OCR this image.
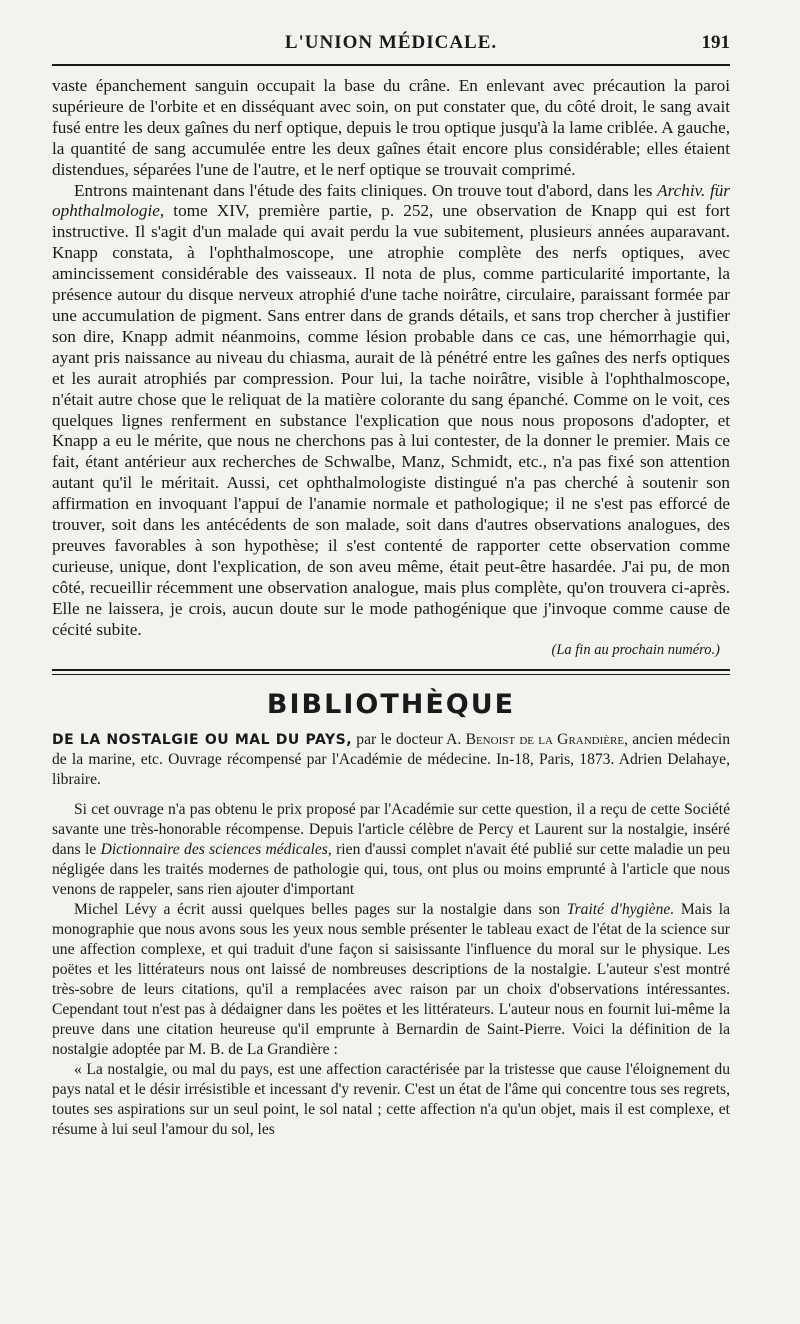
L'UNION MÉDICALE.	191

vaste épanchement sanguin occupait la base du crâne. En enlevant avec précaution la paroi supérieure de l'orbite et en disséquant avec soin, on put constater que, du côté droit, le sang avait fusé entre les deux gaînes du nerf optique, depuis le trou optique jusqu'à la lame criblée. A gauche, la quantité de sang accumulée entre les deux gaînes était encore plus considérable; elles étaient distendues, séparées l'une de l'autre, et le nerf optique se trouvait comprimé.

Entrons maintenant dans l'étude des faits cliniques. On trouve tout d'abord, dans les Archiv. für ophthalmologie, tome XIV, première partie, p. 252, une observation de Knapp qui est fort instructive. Il s'agit d'un malade qui avait perdu la vue subitement, plusieurs années auparavant. Knapp constata, à l'ophthalmoscope, une atrophie complète des nerfs optiques, avec amincissement considérable des vaisseaux. Il nota de plus, comme particularité importante, la présence autour du disque nerveux atrophié d'une tache noirâtre, circulaire, paraissant formée par une accumulation de pigment. Sans entrer dans de grands détails, et sans trop chercher à justifier son dire, Knapp admit néanmoins, comme lésion probable dans ce cas, une hémorrhagie qui, ayant pris naissance au niveau du chiasma, aurait de là pénétré entre les gaînes des nerfs optiques et les aurait atrophiés par compression. Pour lui, la tache noirâtre, visible à l'ophthalmoscope, n'était autre chose que le reliquat de la matière colorante du sang épanché. Comme on le voit, ces quelques lignes renferment en substance l'explication que nous nous proposons d'adopter, et Knapp a eu le mérite, que nous ne cherchons pas à lui contester, de la donner le premier. Mais ce fait, étant antérieur aux recherches de Schwalbe, Manz, Schmidt, etc., n'a pas fixé son attention autant qu'il le méritait. Aussi, cet ophthalmologiste distingué n'a pas cherché à soutenir son affirmation en invoquant l'appui de l'anamie normale et pathologique; il ne s'est pas efforcé de trouver, soit dans les antécédents de son malade, soit dans d'autres observations analogues, des preuves favorables à son hypothèse; il s'est contenté de rapporter cette observation comme curieuse, unique, dont l'explication, de son aveu même, était peut-être hasardée. J'ai pu, de mon côté, recueillir récemment une observation analogue, mais plus complète, qu'on trouvera ci-après. Elle ne laissera, je crois, aucun doute sur le mode pathogénique que j'invoque comme cause de cécité subite.

(La fin au prochain numéro.)
BIBLIOTHÈQUE
DE LA NOSTALGIE OU MAL DU PAYS, par le docteur A. Benoist de la Grandière, ancien médecin de la marine, etc. Ouvrage récompensé par l'Académie de médecine. In-18, Paris, 1873. Adrien Delahaye, libraire.

Si cet ouvrage n'a pas obtenu le prix proposé par l'Académie sur cette question, il a reçu de cette Société savante une très-honorable récompense. Depuis l'article célèbre de Percy et Laurent sur la nostalgie, inséré dans le Dictionnaire des sciences médicales, rien d'aussi complet n'avait été publié sur cette maladie un peu négligée dans les traités modernes de pathologie qui, tous, ont plus ou moins emprunté à l'article que nous venons de rappeler, sans rien ajouter d'important

Michel Lévy a écrit aussi quelques belles pages sur la nostalgie dans son Traité d'hygiène. Mais la monographie que nous avons sous les yeux nous semble présenter le tableau exact de l'état de la science sur une affection complexe, et qui traduit d'une façon si saisissante l'influence du moral sur le physique. Les poëtes et les littérateurs nous ont laissé de nombreuses descriptions de la nostalgie. L'auteur s'est montré très-sobre de leurs citations, qu'il a remplacées avec raison par un choix d'observations intéressantes. Cependant tout n'est pas à dédaigner dans les poëtes et les littérateurs. L'auteur nous en fournit lui-même la preuve dans une citation heureuse qu'il emprunte à Bernardin de Saint-Pierre. Voici la définition de la nostalgie adoptée par M. B. de La Grandière :

« La nostalgie, ou mal du pays, est une affection caractérisée par la tristesse que cause l'éloignement du pays natal et le désir irrésistible et incessant d'y revenir. C'est un état de l'âme qui concentre tous ses regrets, toutes ses aspirations sur un seul point, le sol natal ; cette affection n'a qu'un objet, mais il est complexe, et résume à lui seul l'amour du sol, les
